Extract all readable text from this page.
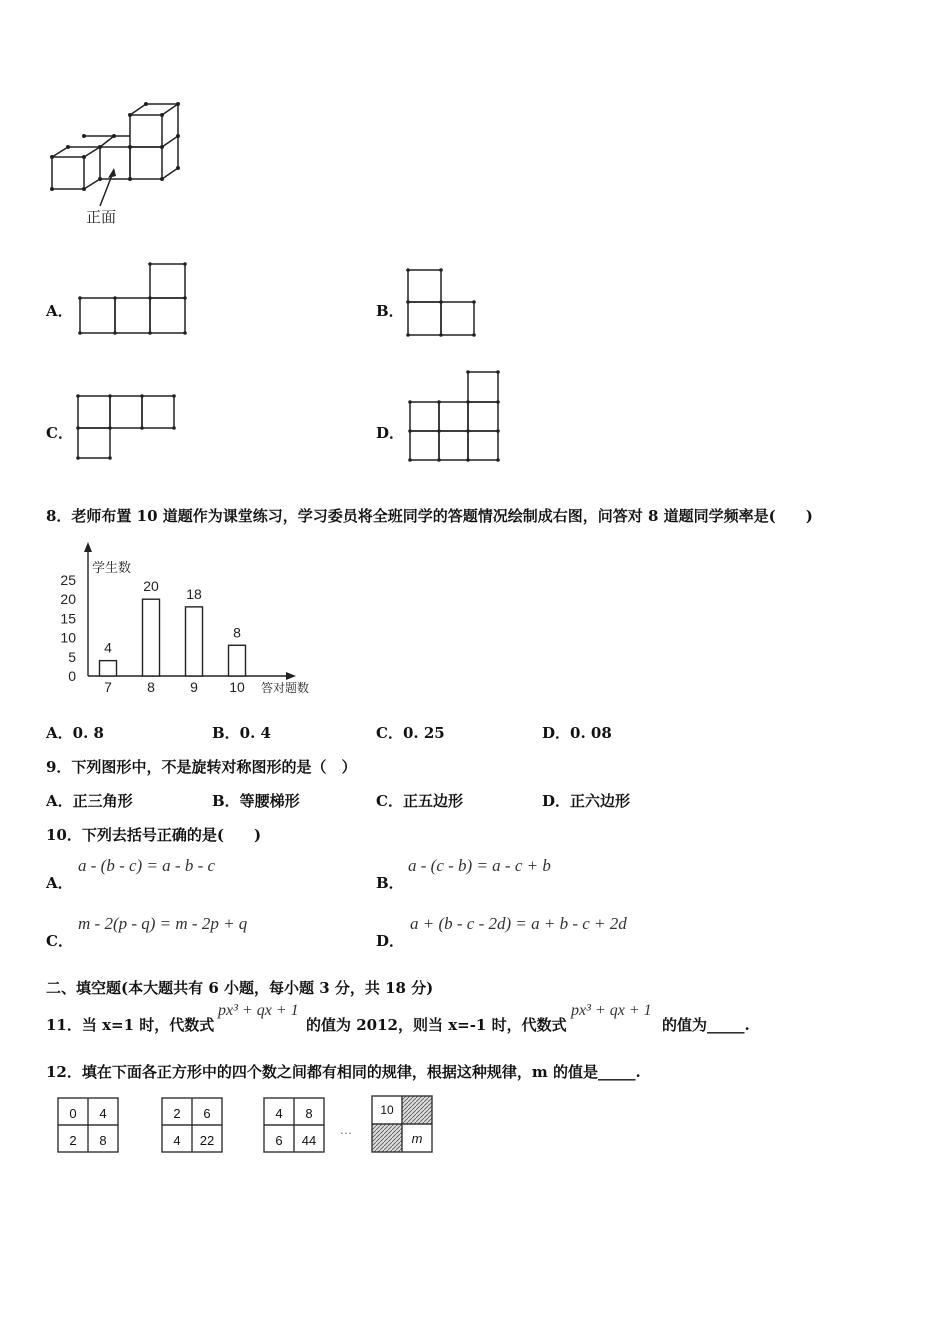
正面
A．	B．
C．	D．
8．老师布置 10 道题作为课堂练习，学习委员将全班同学的答题情况绘制成右图，问答对 8 道题同学频率是(　　)
学生数
答对题数
0
5
10
15
20
25
7	8	9 10
4
20 18
8
A．0. 8	B．0. 4	C．0. 25	D．0. 08
9．下列图形中，不是旋转对称图形的是（　）
A．正三角形	B．等腰梯形	C．正五边形	D．正六边形
10．下列去括号正确的是(　　)
A．
a - (b - c) = a - b - c
B．
a - (c - b) = a - c + b
C．
m - 2(p - q) = m - 2p + q
D．
a + (b - c - 2d) = a + b - c + 2d
二、填空题(本大题共有 6 小题，每小题 3 分，共 18 分)
11．当 x=1 时，代数式
px³ + qx + 1
的值为 2012，则当 x=-1 时，代数式
px³ + qx + 1
的值为_____.
12．填在下面各正方形中的四个数之间都有相同的规律，根据这种规律，m 的值是_____.
0 4
2 8
2 6
4 22
4 8
6 44
…
10
m
